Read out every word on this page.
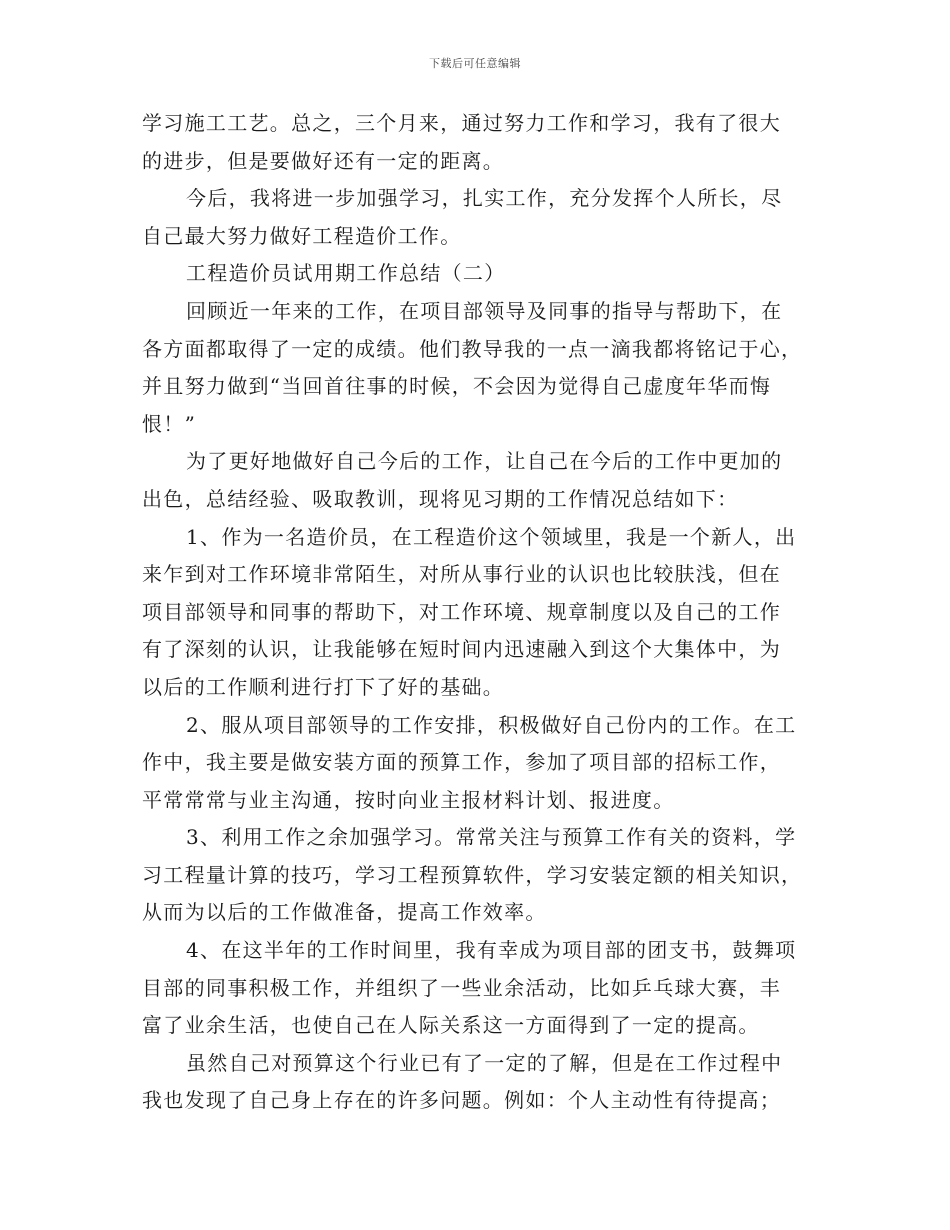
下载后可任意编辑
学习施工工艺。总之，三个月来，通过努力工作和学习，我有了很大
的进步，但是要做好还有一定的距离。
今后，我将进一步加强学习，扎实工作，充分发挥个人所长，尽
自己最大努力做好工程造价工作。
工程造价员试用期工作总结（二）
回顾近一年来的工作，在项目部领导及同事的指导与帮助下，在
各方面都取得了一定的成绩。他们教导我的一点一滴我都将铭记于心，
并且努力做到“当回首往事的时候，不会因为觉得自己虚度年华而悔
恨！”
为了更好地做好自己今后的工作，让自己在今后的工作中更加的
出色，总结经验、吸取教训，现将见习期的工作情况总结如下：
1、作为一名造价员，在工程造价这个领域里，我是一个新人，出
来乍到对工作环境非常陌生，对所从事行业的认识也比较肤浅，但在
项目部领导和同事的帮助下，对工作环境、规章制度以及自己的工作
有了深刻的认识，让我能够在短时间内迅速融入到这个大集体中，为
以后的工作顺利进行打下了好的基础。
2、服从项目部领导的工作安排，积极做好自己份内的工作。在工
作中，我主要是做安装方面的预算工作，参加了项目部的招标工作，
平常常常与业主沟通，按时向业主报材料计划、报进度。
3、利用工作之余加强学习。常常关注与预算工作有关的资料，学
习工程量计算的技巧，学习工程预算软件，学习安装定额的相关知识，
从而为以后的工作做准备，提高工作效率。
4、在这半年的工作时间里，我有幸成为项目部的团支书，鼓舞项
目部的同事积极工作，并组织了一些业余活动，比如乒乓球大赛，丰
富了业余生活，也使自己在人际关系这一方面得到了一定的提高。
虽然自己对预算这个行业已有了一定的了解，但是在工作过程中
我也发现了自己身上存在的许多问题。例如：个人主动性有待提高；
